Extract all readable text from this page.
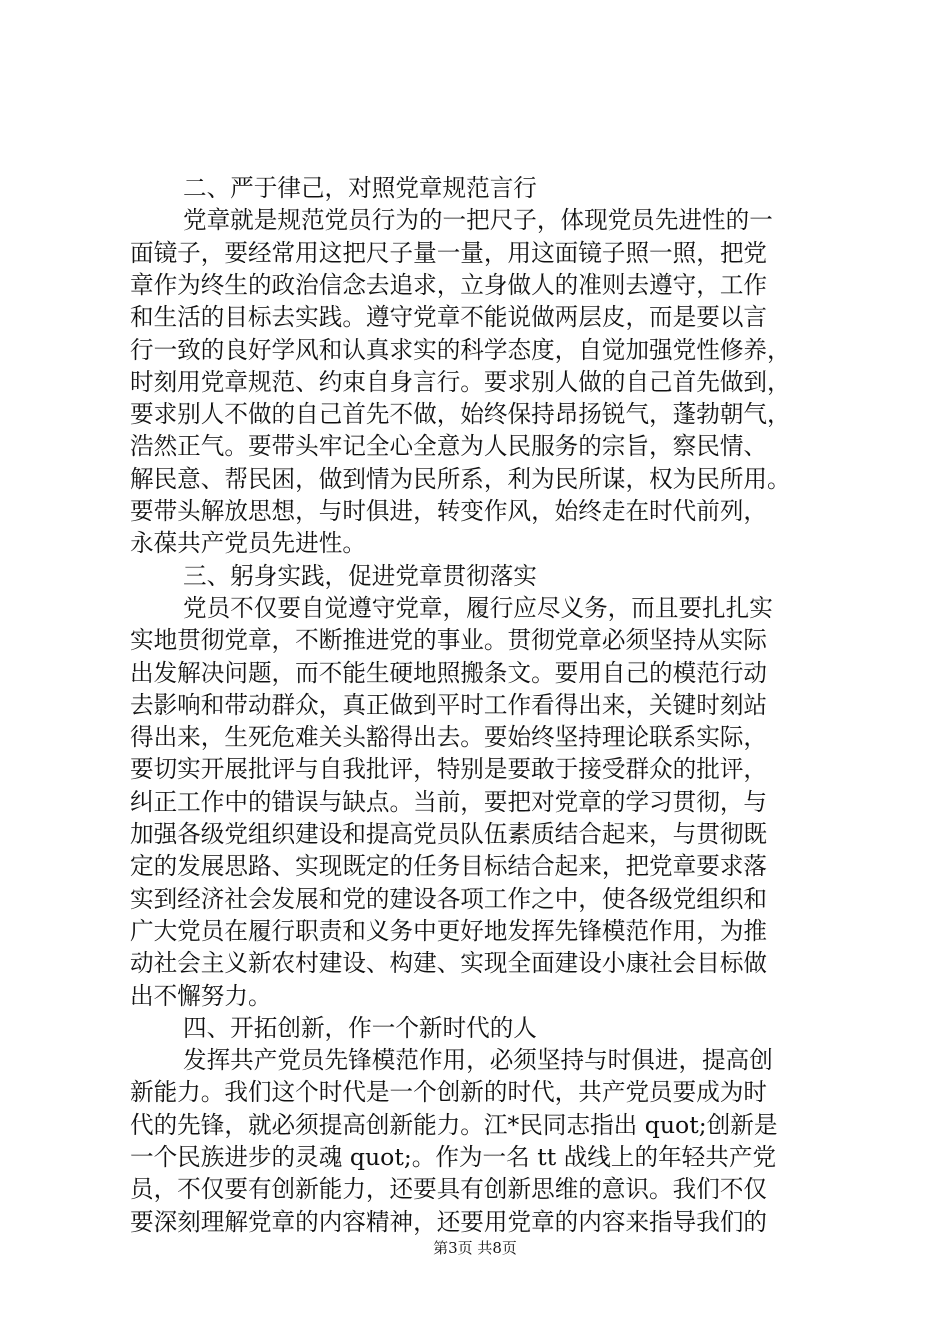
二、严于律己，对照党章规范言行
党章就是规范党员行为的一把尺子，体现党员先进性的一
面镜子，要经常用这把尺子量一量，用这面镜子照一照，把党
章作为终生的政治信念去追求，立身做人的准则去遵守，工作
和生活的目标去实践。遵守党章不能说做两层皮，而是要以言
行一致的良好学风和认真求实的科学态度，自觉加强党性修养，
时刻用党章规范、约束自身言行。要求别人做的自己首先做到，
要求别人不做的自己首先不做，始终保持昂扬锐气，蓬勃朝气，
浩然正气。要带头牢记全心全意为人民服务的宗旨，察民情、
解民意、帮民困，做到情为民所系，利为民所谋，权为民所用。
要带头解放思想，与时俱进，转变作风，始终走在时代前列，
永葆共产党员先进性。
三、躬身实践，促进党章贯彻落实
党员不仅要自觉遵守党章，履行应尽义务，而且要扎扎实
实地贯彻党章，不断推进党的事业。贯彻党章必须坚持从实际
出发解决问题，而不能生硬地照搬条文。要用自己的模范行动
去影响和带动群众，真正做到平时工作看得出来，关键时刻站
得出来，生死危难关头豁得出去。要始终坚持理论联系实际，
要切实开展批评与自我批评，特别是要敢于接受群众的批评，
纠正工作中的错误与缺点。当前，要把对党章的学习贯彻，与
加强各级党组织建设和提高党员队伍素质结合起来，与贯彻既
定的发展思路、实现既定的任务目标结合起来，把党章要求落
实到经济社会发展和党的建设各项工作之中，使各级党组织和
广大党员在履行职责和义务中更好地发挥先锋模范作用，为推
动社会主义新农村建设、构建、实现全面建设小康社会目标做
出不懈努力。
四、开拓创新，作一个新时代的人
发挥共产党员先锋模范作用，必须坚持与时俱进，提高创
新能力。我们这个时代是一个创新的时代，共产党员要成为时
代的先锋，就必须提高创新能力。江*民同志指出 quot;创新是
一个民族进步的灵魂 quot;。作为一名 tt 战线上的年轻共产党
员，不仅要有创新能力，还要具有创新思维的意识。我们不仅
要深刻理解党章的内容精神，还要用党章的内容来指导我们的
第3页 共8页
